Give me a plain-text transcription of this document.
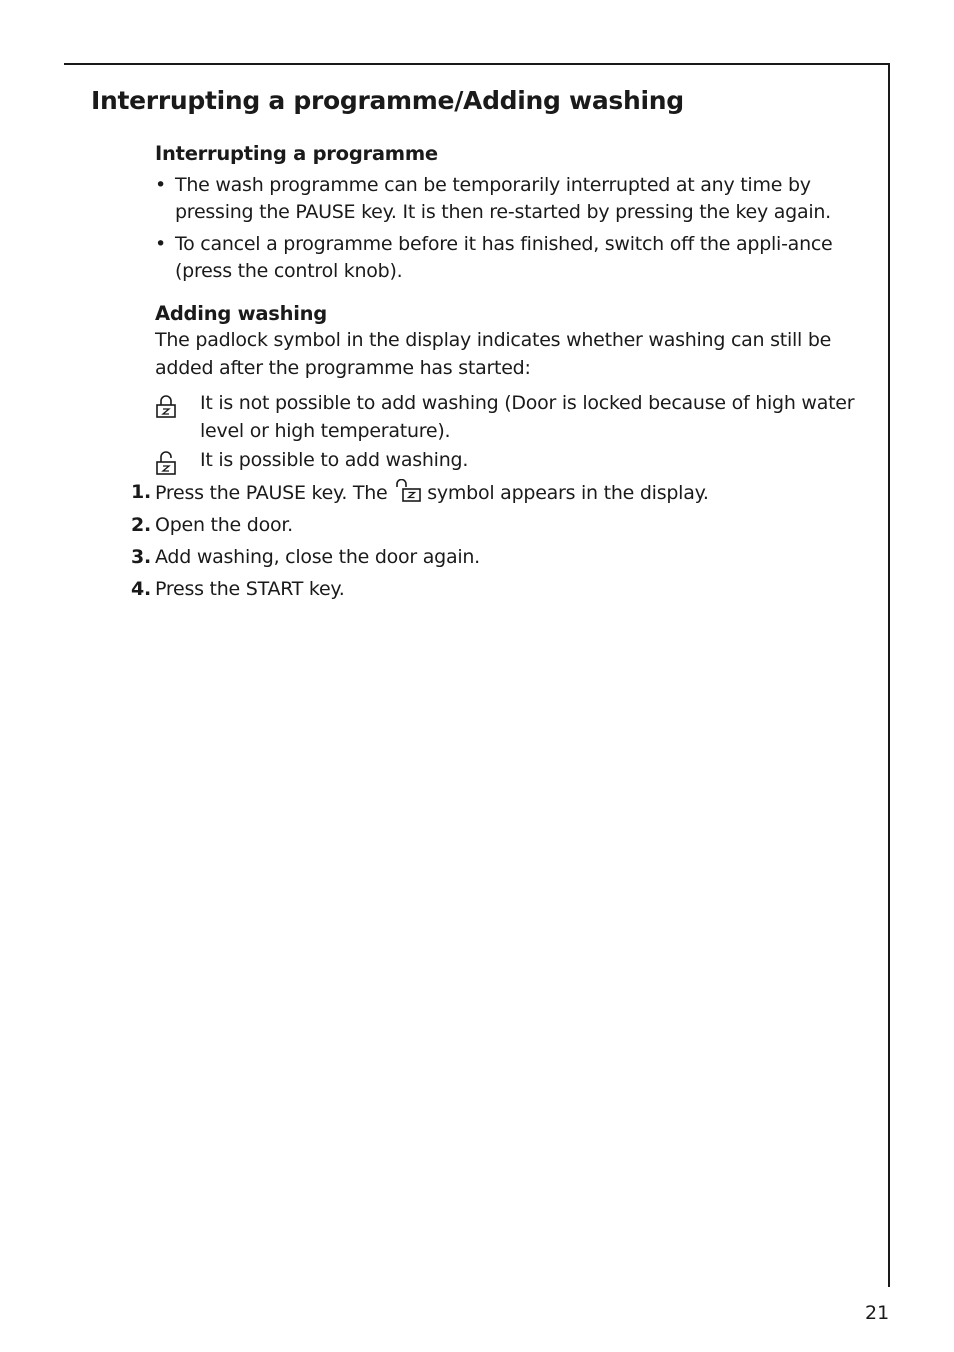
Interrupting a programme/Adding washing

Interrupting a programme

• The wash programme can be temporarily interrupted at any time by pressing the PAUSE key. It is then re-started by pressing the key again.
• To cancel a programme before it has finished, switch off the appli-ance (press the control knob).

Adding washing

The padlock symbol in the display indicates whether washing can still be added after the programme has started:

It is not possible to add washing (Door is locked because of high water level or high temperature).
It is possible to add washing.
1. Press the PAUSE key. The symbol appears in the display.
2. Open the door.
3. Add washing, close the door again.
4. Press the START key.
21
